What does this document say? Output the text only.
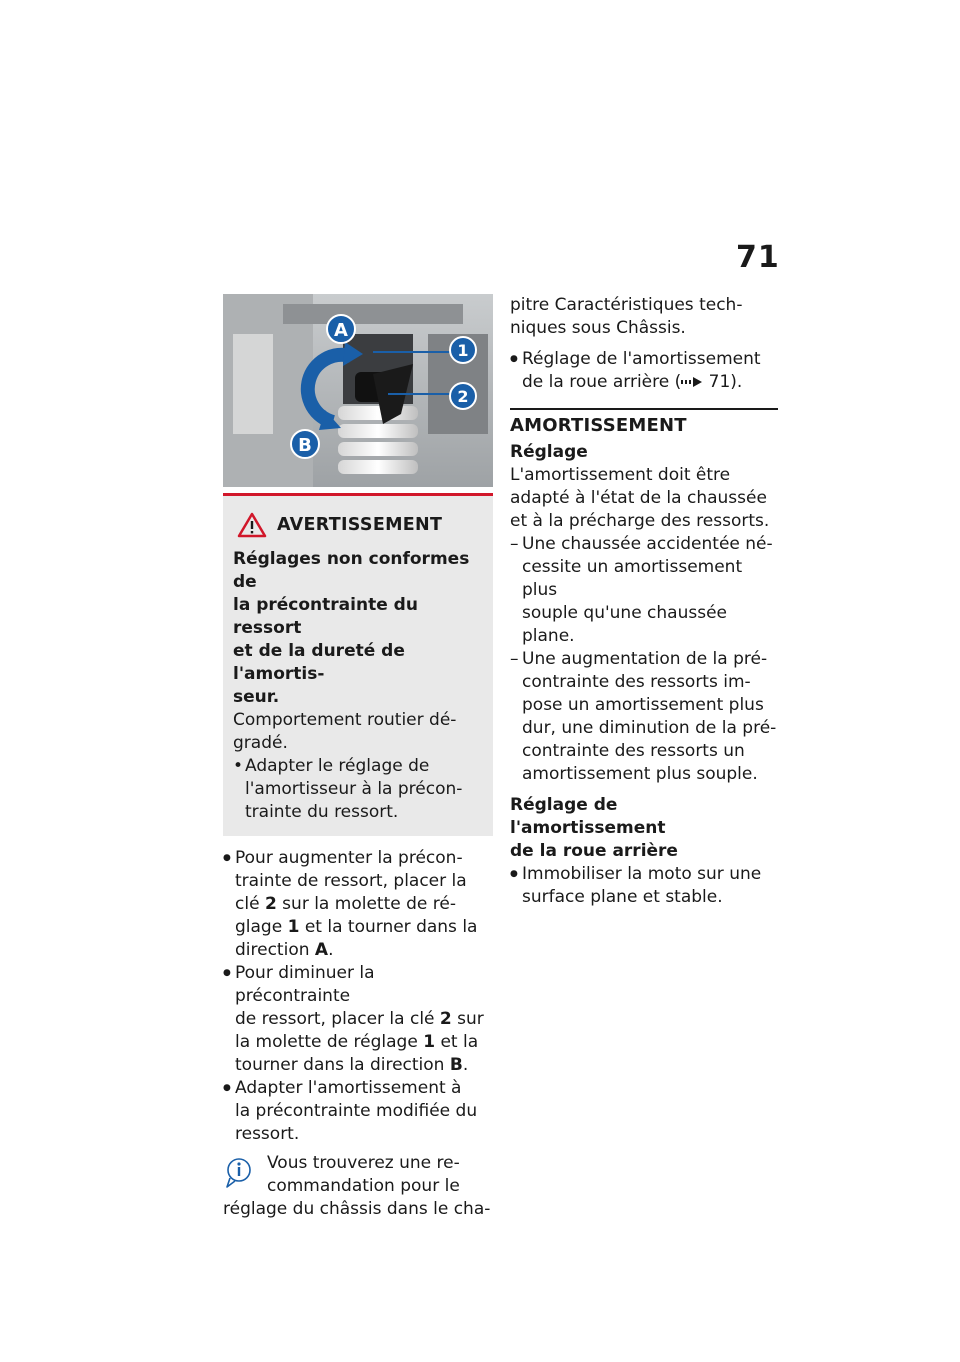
71
A
B
1
2
AVERTISSEMENT
Réglages non conformes de
la précontrainte du ressort
et de la dureté de l'amortis-
seur.
Comportement routier dé-
gradé.
• Adapter le réglage de
l'amortisseur à la précon-
trainte du ressort.
● Pour augmenter la précon-
trainte de ressort, placer la
clé 2 sur la molette de ré-
glage 1 et la tourner dans la
direction A.
● Pour diminuer la précontrainte
de ressort, placer la clé 2 sur
la molette de réglage 1 et la
tourner dans la direction B.
● Adapter l'amortissement à
la précontrainte modifiée du
ressort.
Vous trouverez une re-
commandation pour le
réglage du châssis dans le cha-
pitre Caractéristiques tech-
niques sous Châssis.
● Réglage de l'amortissement
de la roue arrière ( 71).
AMORTISSEMENT
Réglage
L'amortissement doit être
adapté à l'état de la chaussée
et à la précharge des ressorts.
– Une chaussée accidentée né-
cessite un amortissement plus
souple qu'une chaussée plane.
– Une augmentation de la pré-
contrainte des ressorts im-
pose un amortissement plus
dur, une diminution de la pré-
contrainte des ressorts un
amortissement plus souple.
Réglage de l'amortissement
de la roue arrière
● Immobiliser la moto sur une
surface plane et stable.
